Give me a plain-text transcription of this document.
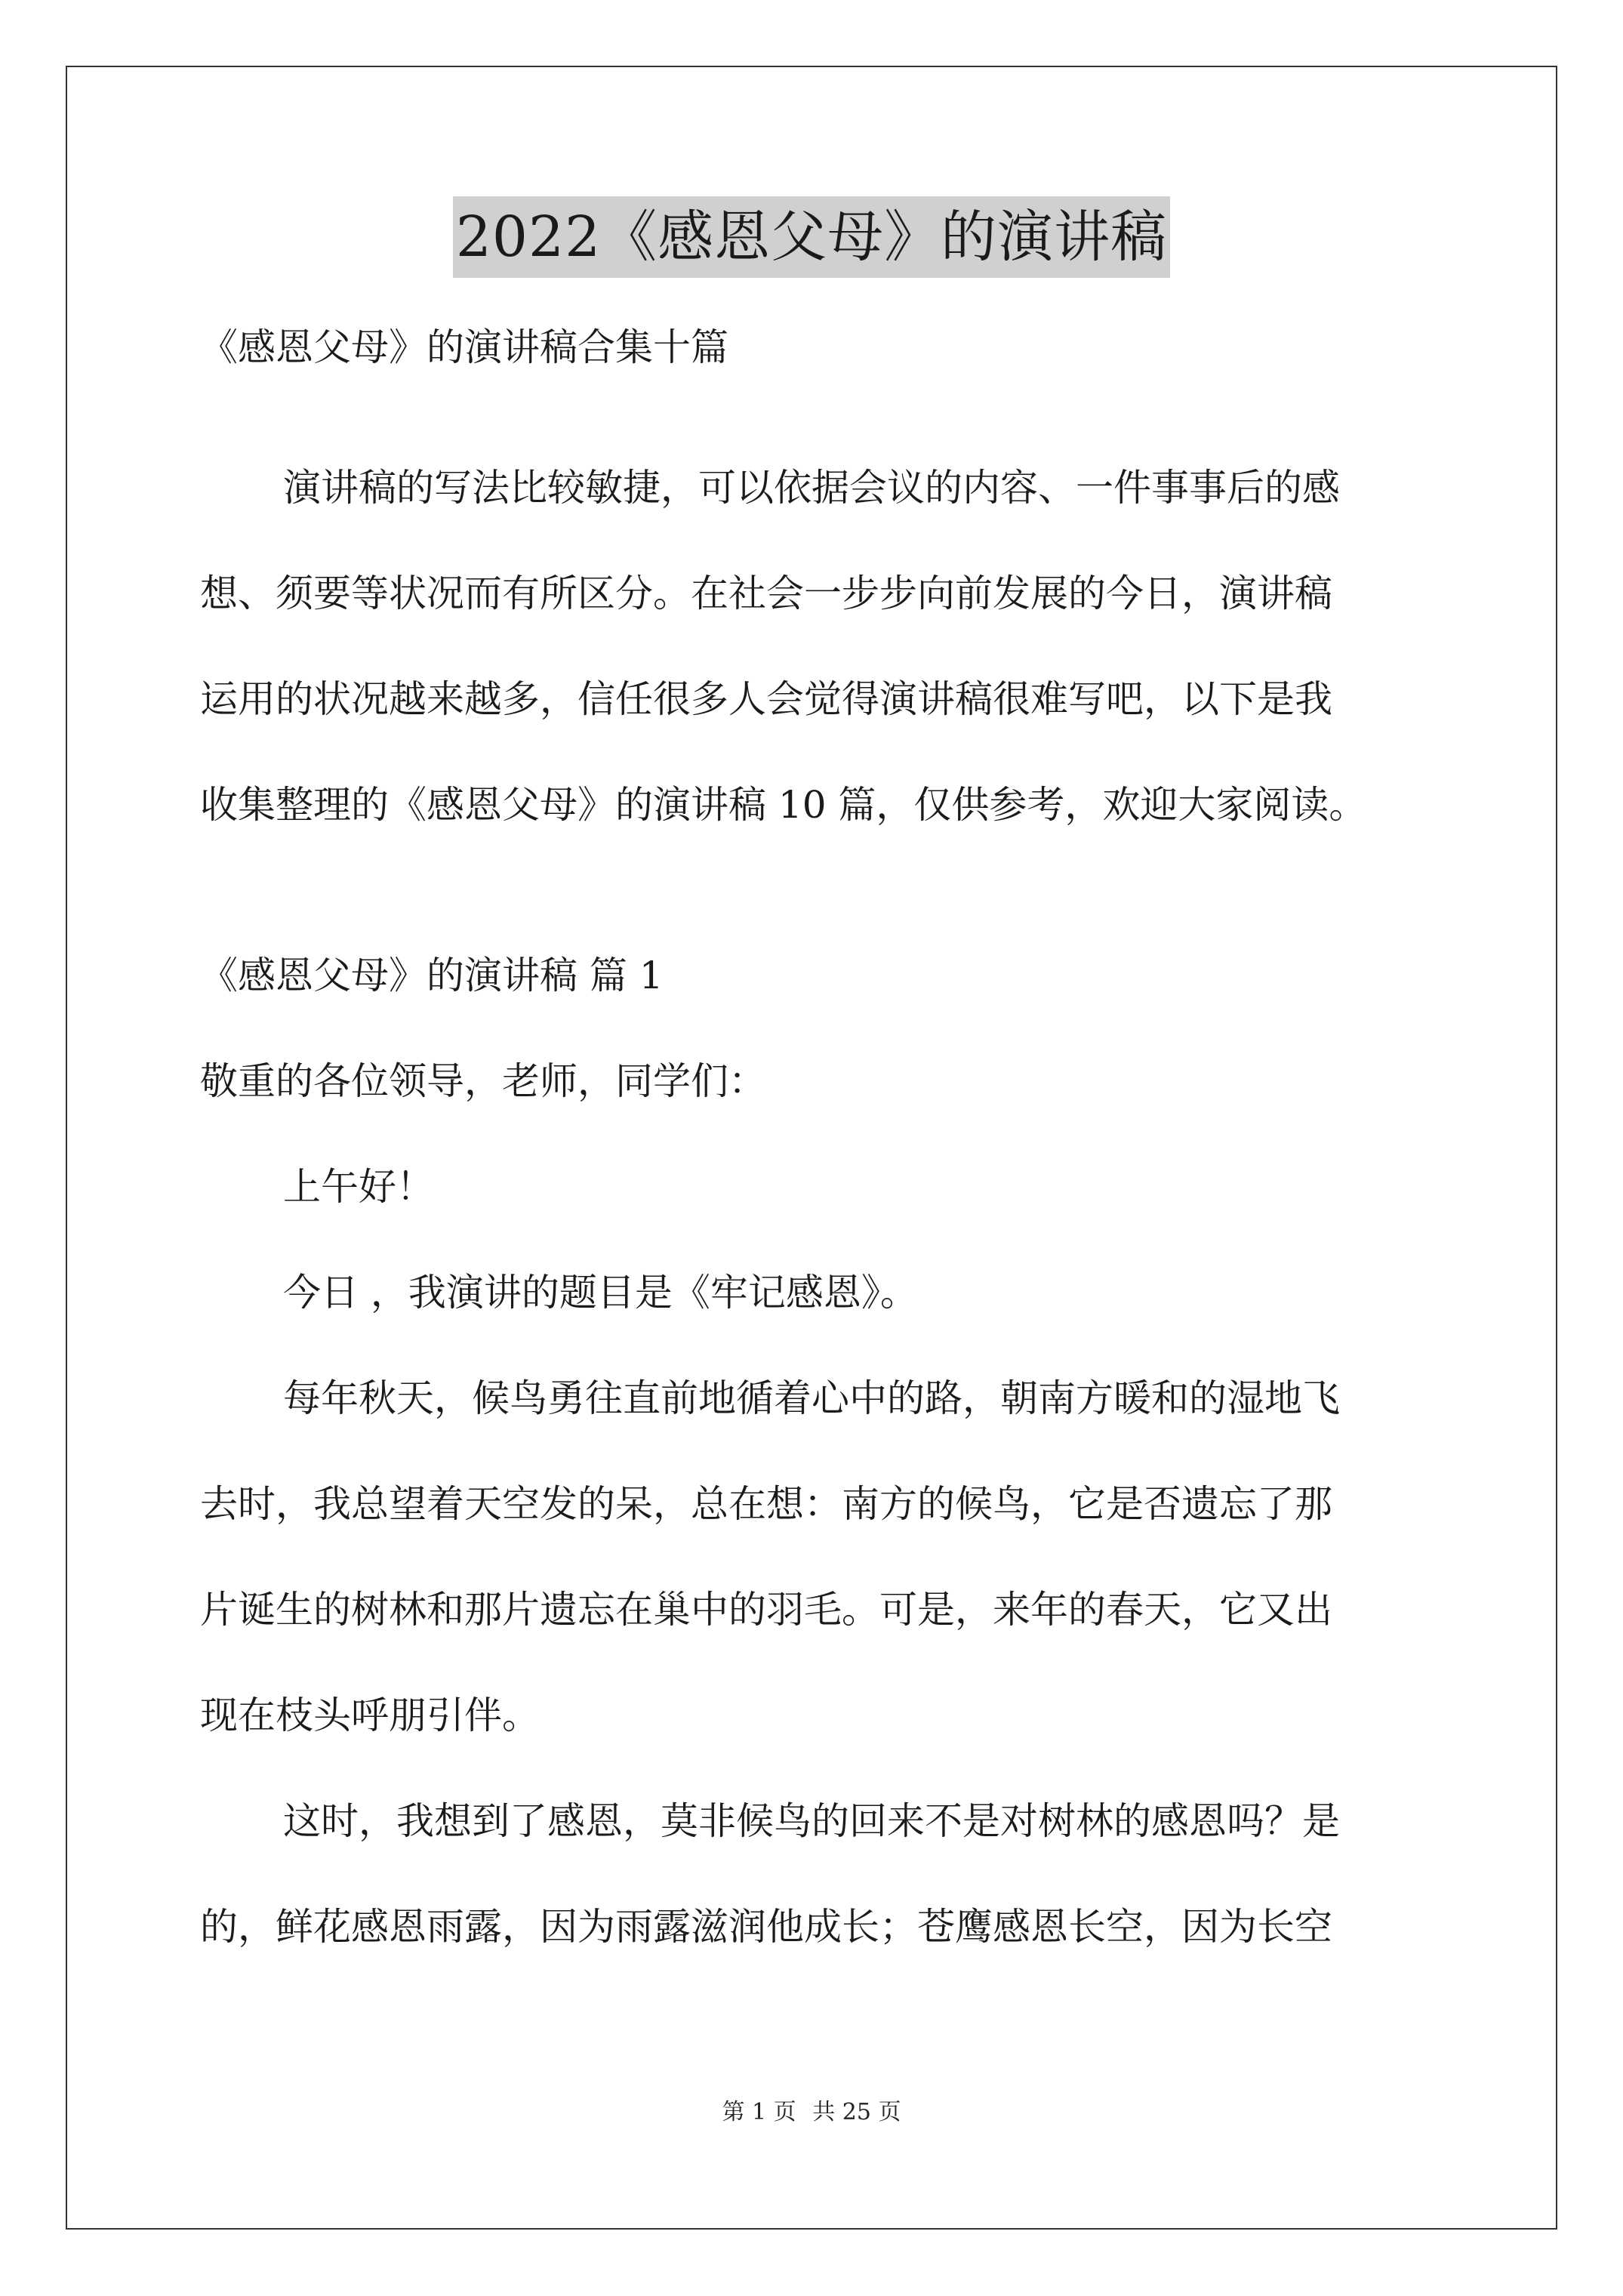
2022《感恩父母》的演讲稿
《感恩父母》的演讲稿合集十篇
演讲稿的写法比较敏捷，可以依据会议的内容、一件事事后的感
想、须要等状况而有所区分。在社会一步步向前发展的今日，演讲稿
运用的状况越来越多，信任很多人会觉得演讲稿很难写吧，以下是我
收集整理的《感恩父母》的演讲稿 10 篇，仅供参考，欢迎大家阅读。
《感恩父母》的演讲稿 篇 1
敬重的各位领导，老师，同学们：
上午好！
今日 ，我演讲的题目是《牢记感恩》。
每年秋天，候鸟勇往直前地循着心中的路，朝南方暖和的湿地飞
去时，我总望着天空发的呆，总在想：南方的候鸟，它是否遗忘了那
片诞生的树林和那片遗忘在巢中的羽毛。可是，来年的春天，它又出
现在枝头呼朋引伴。
这时，我想到了感恩，莫非候鸟的回来不是对树林的感恩吗？是
的，鲜花感恩雨露，因为雨露滋润他成长；苍鹰感恩长空，因为长空
第 1 页 共 25 页
